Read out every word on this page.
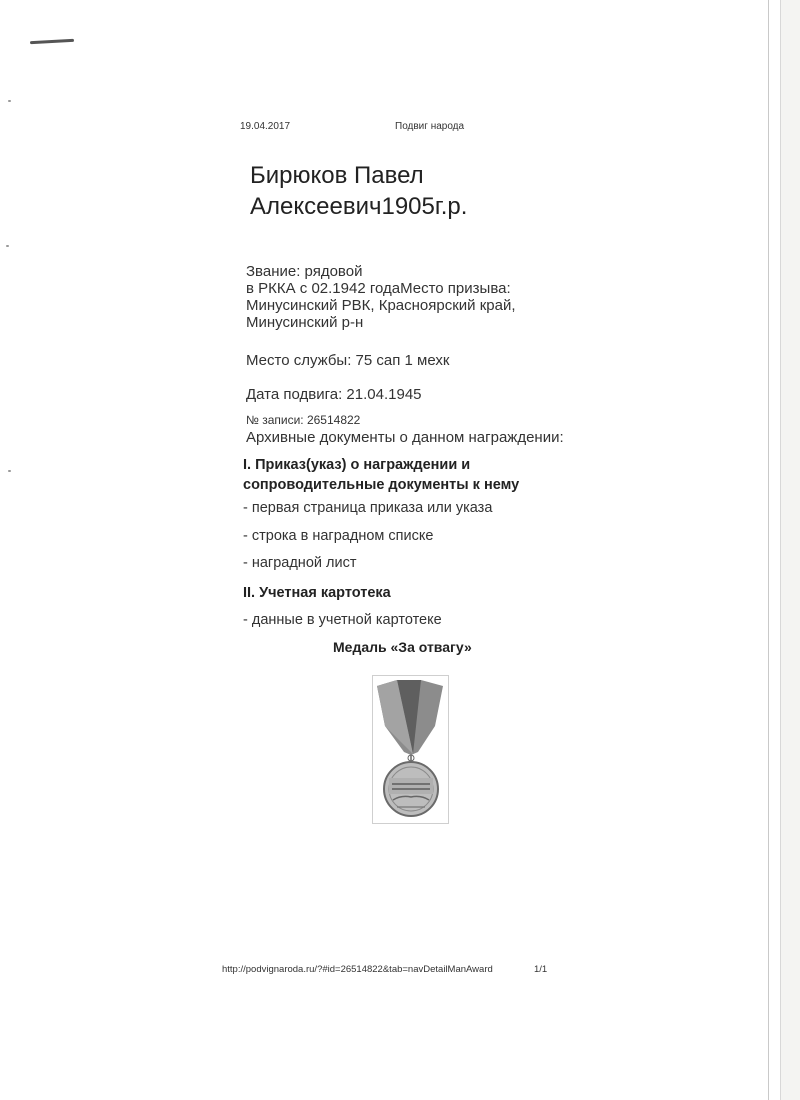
19.04.2017	Подвиг народа
Бирюков Павел
Алексеевич1905г.р.
Звание: рядовой
в РККА с 02.1942 годаМесто призыва:
Минусинский РВК, Красноярский край,
Минусинский р-н
Место службы: 75 сап 1 мехк
Дата подвига: 21.04.1945
№ записи: 26514822
Архивные документы о данном награждении:
I. Приказ(указ) о награждении и
сопроводительные документы к нему
- первая страница приказа или указа
- строка в наградном списке
- наградной лист
II. Учетная картотека
- данные в учетной картотеке
Медаль «За отвагу»
http://podvignaroda.ru/?#id=26514822&tab=navDetailManAward	1/1
